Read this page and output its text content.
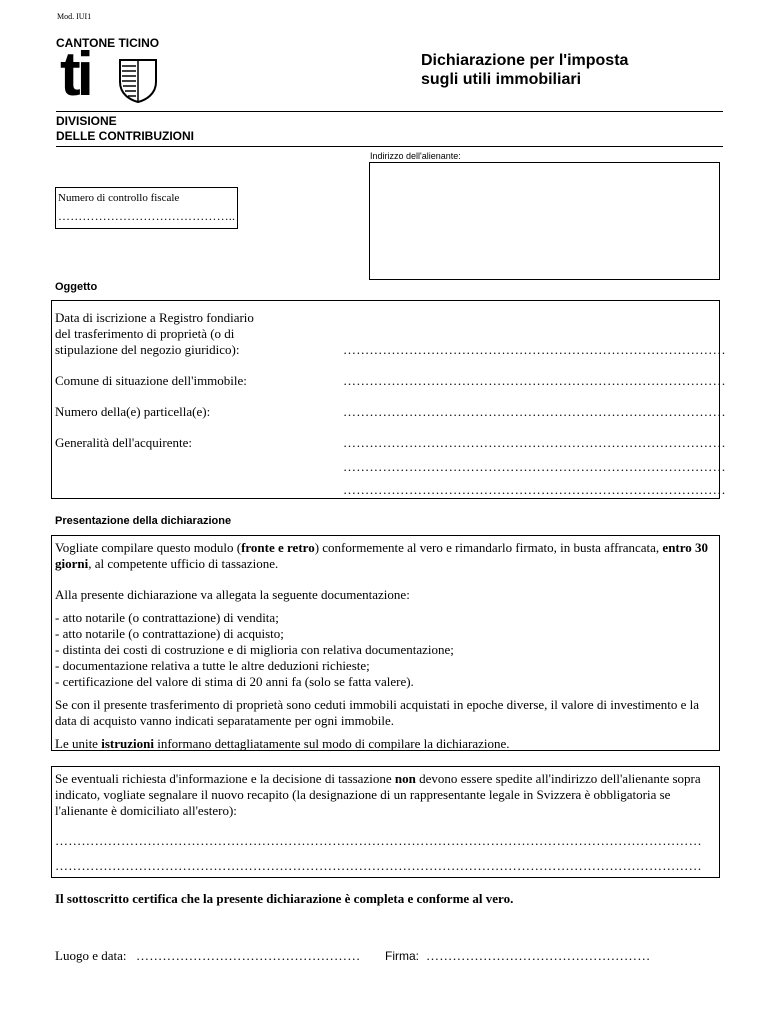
Mod. IUI1
CANTONE TICINO
ti	Dichiarazione per l'imposta
sugli utili immobiliari
DIVISIONE
DELLE CONTRIBUZIONI
Indirizzo dell'alienante:
Numero di controllo fiscale
……………………………………..
Oggetto
Data di iscrizione a Registro fondiario
del trasferimento di proprietà (o di
stipulazione del negozio giuridico):	……………………………………………………………………………
Comune di situazione dell'immobile:	……………………………………………………………………………
Numero della(e) particella(e):	……………………………………………………………………………
Generalità dell'acquirente:	……………………………………………………………………………
……………………………………………………………………………
……………………………………………………………………………
Presentazione della dichiarazione
Vogliate compilare questo modulo (fronte e retro) conformemente al vero e rimandarlo firmato, in busta affrancata, entro 30 giorni, al competente ufficio di tassazione.
Alla presente dichiarazione va allegata la seguente documentazione:
- atto notarile (o contrattazione) di vendita;
- atto notarile (o contrattazione) di acquisto;
- distinta dei costi di costruzione e di miglioria con relativa documentazione;
- documentazione relativa a tutte le altre deduzioni richieste;
- certificazione del valore di stima di 20 anni fa (solo se fatta valere).
Se con il presente trasferimento di proprietà sono ceduti immobili acquistati in epoche diverse, il valore di investimento e la data di acquisto vanno indicati separatamente per ogni immobile.
Le unite istruzioni informano dettagliatamente sul modo di compilare la dichiarazione.
Se eventuali richiesta d'informazione e la decisione di tassazione non devono essere spedite all'indirizzo dell'alienante sopra indicato, vogliate segnalare il nuovo recapito (la designazione di un rappresentante legale in Svizzera è obbligatoria se l'alienante è domiciliato all'estero):
…………………………………………………………………………………………………………………………………
…………………………………………………………………………………………………………………………………
Il sottoscritto certifica che la presente dichiarazione è completa e conforme al vero.
Luogo e data: …………………………………………… Firma: ……………………………………………
